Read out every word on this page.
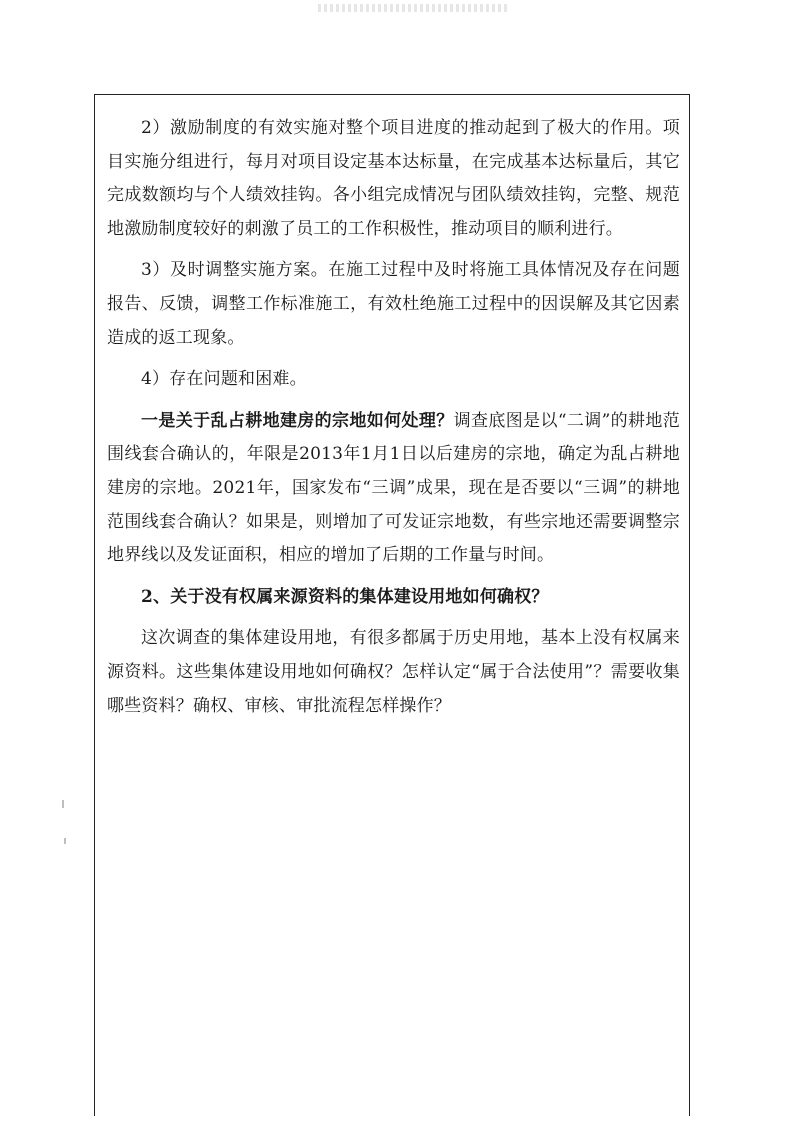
2）激励制度的有效实施对整个项目进度的推动起到了极大的作用。项目实施分组进行，每月对项目设定基本达标量，在完成基本达标量后，其它完成数额均与个人绩效挂钩。各小组完成情况与团队绩效挂钩，完整、规范地激励制度较好的刺激了员工的工作积极性，推动项目的顺利进行。

3）及时调整实施方案。在施工过程中及时将施工具体情况及存在问题报告、反馈，调整工作标准施工，有效杜绝施工过程中的因误解及其它因素造成的返工现象。

4）存在问题和困难。

一是关于乱占耕地建房的宗地如何处理？调查底图是以“二调”的耕地范围线套合确认的，年限是2013年1月1日以后建房的宗地，确定为乱占耕地建房的宗地。2021年，国家发布“三调”成果，现在是否要以“三调”的耕地范围线套合确认？如果是，则增加了可发证宗地数，有些宗地还需要调整宗地界线以及发证面积，相应的增加了后期的工作量与时间。

2、关于没有权属来源资料的集体建设用地如何确权？

这次调查的集体建设用地，有很多都属于历史用地，基本上没有权属来源资料。这些集体建设用地如何确权？怎样认定“属于合法使用”？需要收集哪些资料？确权、审核、审批流程怎样操作？
